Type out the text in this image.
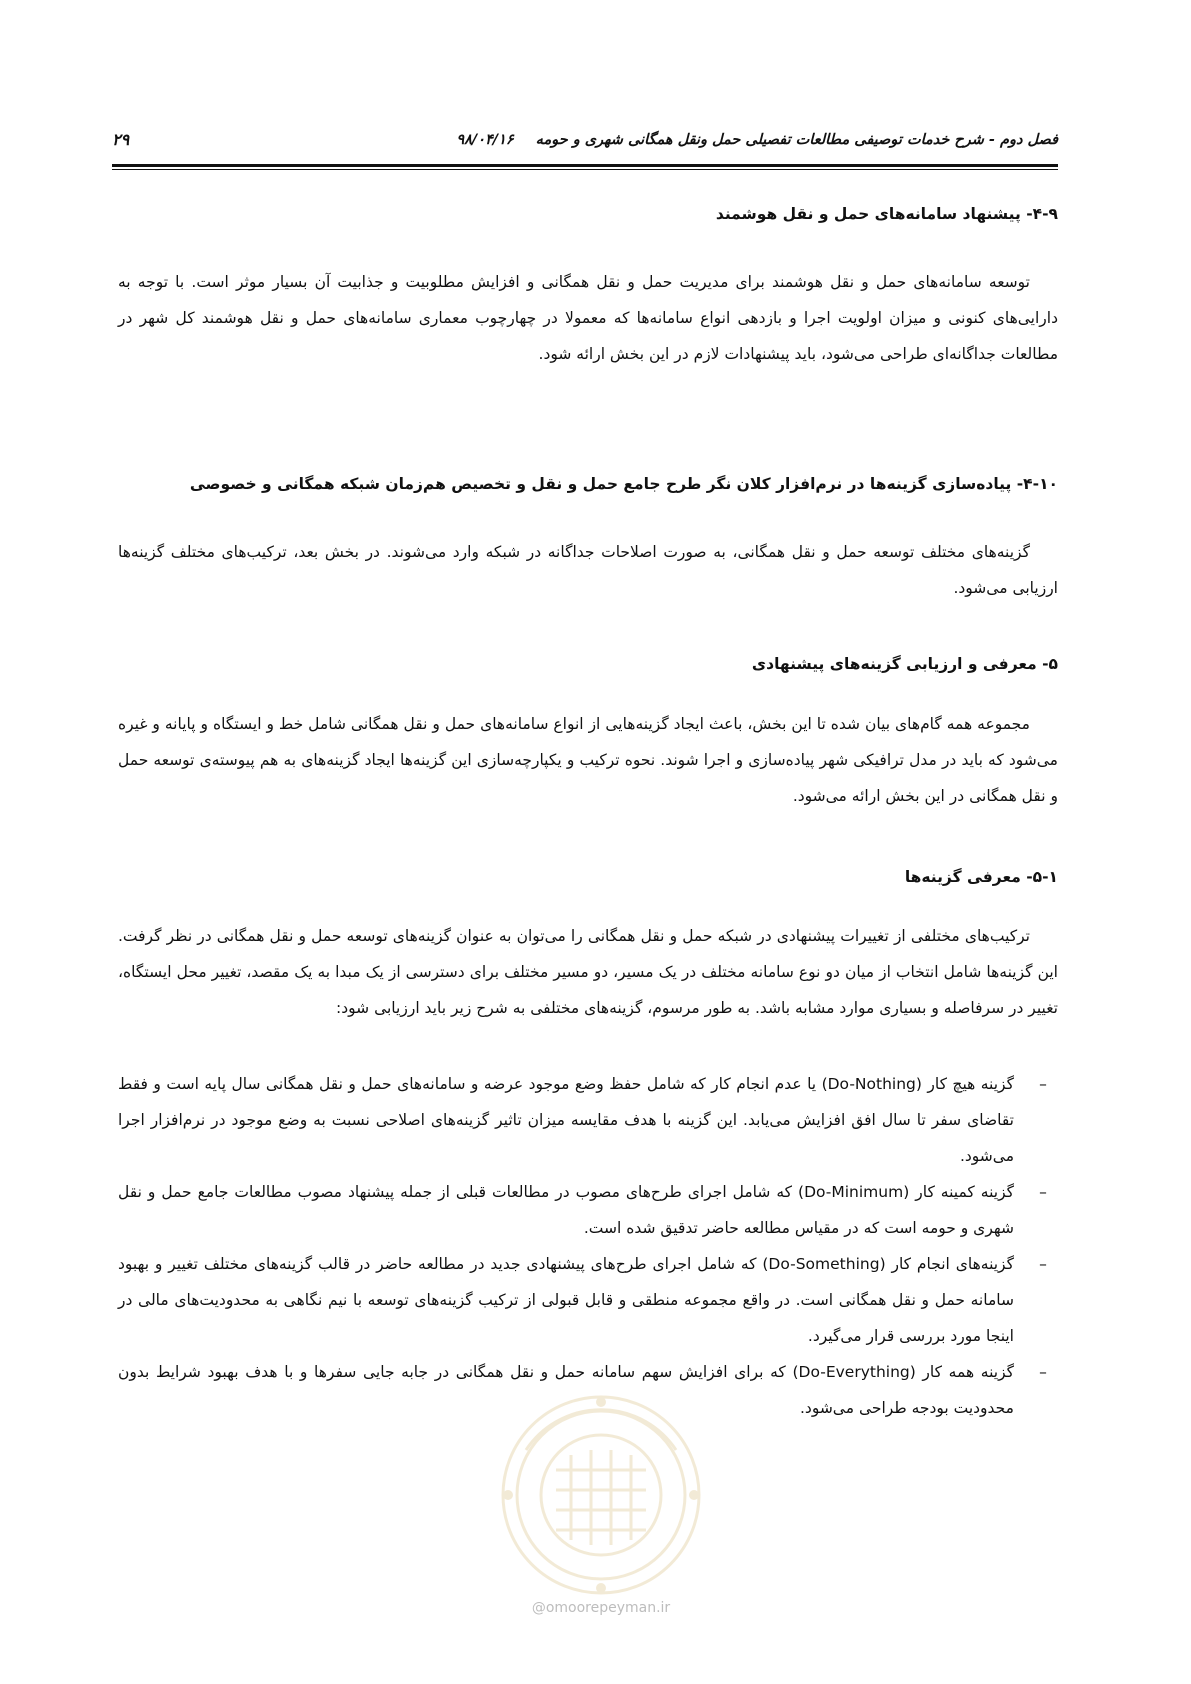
فصل دوم - شرح خدمات توصیفی مطالعات تفصیلی حمل ونقل همگانی شهری و حومه۹۸/۰۴/۱۶
۲۹
۴-۹- پیشنهاد سامانه‌های حمل و نقل هوشمند
توسعه سامانه‌های حمل و نقل هوشمند برای مدیریت حمل و نقل همگانی و افزایش مطلوبیت و جذابیت آن بسیار موثر است. با توجه به دارایی‌های کنونی و میزان اولویت اجرا و بازدهی انواع سامانه‌ها که معمولا در چهارچوب معماری سامانه‌های حمل و نقل هوشمند کل شهر در مطالعات جداگانه‌ای طراحی می‌شود، باید پیشنهادات لازم در این بخش ارائه شود.
۴-۱۰- پیاده‌سازی گزینه‌ها در نرم‌افزار کلان نگر طرح جامع حمل و نقل و تخصیص هم‌زمان شبکه همگانی و خصوصی
گزینه‌های مختلف توسعه حمل و نقل همگانی، به صورت اصلاحات جداگانه در شبکه وارد می‌شوند. در بخش بعد، ترکیب‌های مختلف گزینه‌ها ارزیابی می‌شود.
۵- معرفی و ارزیابی گزینه‌های پیشنهادی
مجموعه همه گام‌های بیان شده تا این بخش، باعث ایجاد گزینه‌هایی از انواع سامانه‌های حمل و نقل همگانی شامل خط و ایستگاه و پایانه و غیره می‌شود که باید در مدل ترافیکی شهر پیاده‌سازی و اجرا شوند. نحوه ترکیب و یکپارچه‌سازی این گزینه‌ها ایجاد گزینه‌های به هم پیوسته‌ی توسعه حمل و نقل همگانی در این بخش ارائه می‌شود.
۵-۱- معرفی گزینه‌ها
ترکیب‌های مختلفی از تغییرات پیشنهادی در شبکه حمل و نقل همگانی را می‌توان به عنوان گزینه‌های توسعه حمل و نقل همگانی در نظر گرفت. این گزینه‌ها شامل انتخاب از میان دو نوع سامانه مختلف در یک مسیر، دو مسیر مختلف برای دسترسی از یک مبدا به یک مقصد، تغییر محل ایستگاه، تغییر در سرفاصله و بسیاری موارد مشابه باشد. به طور مرسوم، گزینه‌های مختلفی به شرح زیر باید ارزیابی شود:
–
گزینه هیچ کار (Do-Nothing) یا عدم انجام کار که شامل حفظ وضع موجود عرضه و سامانه‌های حمل و نقل همگانی سال پایه است و فقط تقاضای سفر تا سال افق افزایش می‌یابد. این گزینه با هدف مقایسه میزان تاثیر گزینه‌های اصلاحی نسبت به وضع موجود در نرم‌افزار اجرا می‌شود.
–
گزینه کمینه کار (Do-Minimum) که شامل اجرای طرح‌های مصوب در مطالعات قبلی از جمله پیشنهاد مصوب مطالعات جامع حمل و نقل شهری و حومه است که در مقیاس مطالعه حاضر تدقیق شده است.
–
گزینه‌های انجام کار (Do-Something) که شامل اجرای طرح‌های پیشنهادی جدید در مطالعه حاضر در قالب گزینه‌های مختلف تغییر و بهبود سامانه حمل و نقل همگانی است. در واقع مجموعه منطقی و قابل قبولی از ترکیب گزینه‌های توسعه با نیم نگاهی به محدودیت‌های مالی در اینجا مورد بررسی قرار می‌گیرد.
–
گزینه همه کار (Do-Everything) که برای افزایش سهم سامانه حمل و نقل همگانی در جابه جایی سفرها و با هدف بهبود شرایط بدون محدودیت بودجه طراحی می‌شود.
@omoorepeyman.ir
